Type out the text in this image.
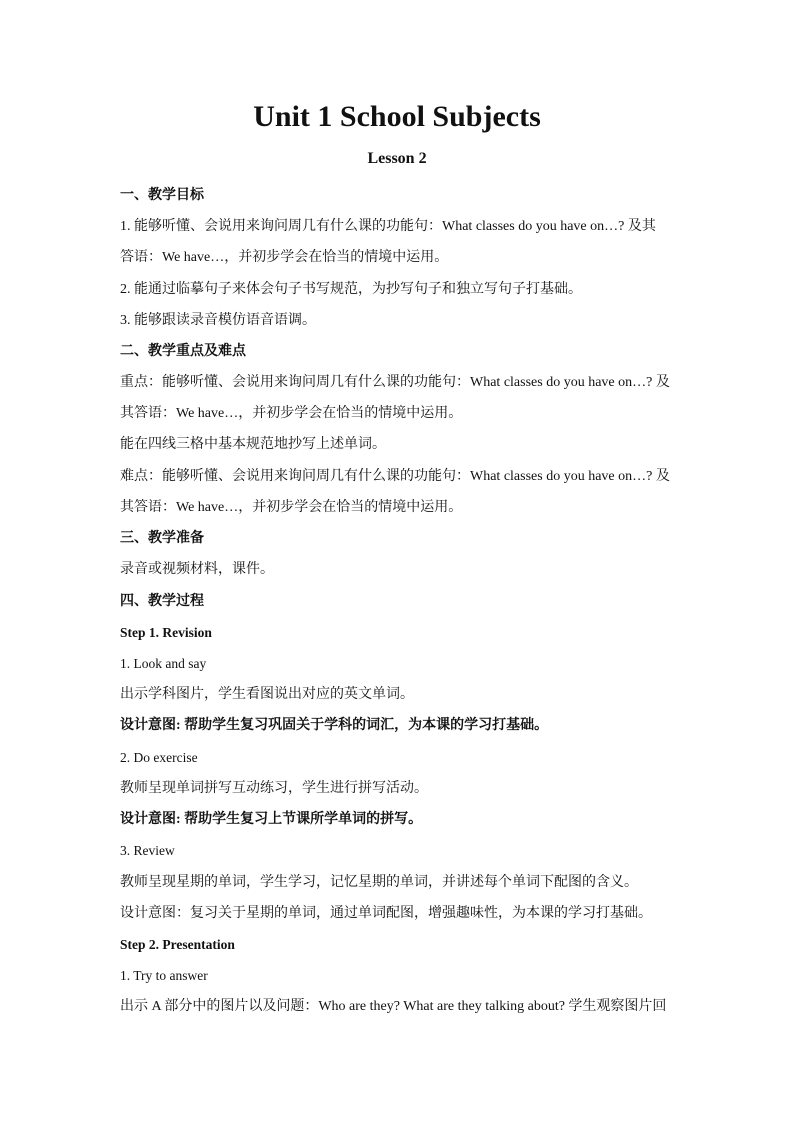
Unit 1 School Subjects
Lesson 2
一、教学目标
1. 能够听懂、会说用来询问周几有什么课的功能句：What classes do you have on…? 及其
答语：We have…，并初步学会在恰当的情境中运用。
2. 能通过临摹句子来体会句子书写规范，为抄写句子和独立写句子打基础。
3. 能够跟读录音模仿语音语调。
二、教学重点及难点
重点：能够听懂、会说用来询问周几有什么课的功能句：What classes do you have on…? 及
其答语：We have…，并初步学会在恰当的情境中运用。
能在四线三格中基本规范地抄写上述单词。
难点：能够听懂、会说用来询问周几有什么课的功能句：What classes do you have on…? 及
其答语：We have…，并初步学会在恰当的情境中运用。
三、教学准备
录音或视频材料，课件。
四、教学过程
Step 1. Revision
1. Look and say
出示学科图片，学生看图说出对应的英文单词。
设计意图: 帮助学生复习巩固关于学科的词汇，为本课的学习打基础。
2. Do exercise
教师呈现单词拼写互动练习，学生进行拼写活动。
设计意图: 帮助学生复习上节课所学单词的拼写。
3. Review
教师呈现星期的单词，学生学习，记忆星期的单词，并讲述每个单词下配图的含义。
设计意图：复习关于星期的单词，通过单词配图，增强趣味性，为本课的学习打基础。
Step 2. Presentation
1. Try to answer
出示 A 部分中的图片以及问题：Who are they? What are they talking about? 学生观察图片回
